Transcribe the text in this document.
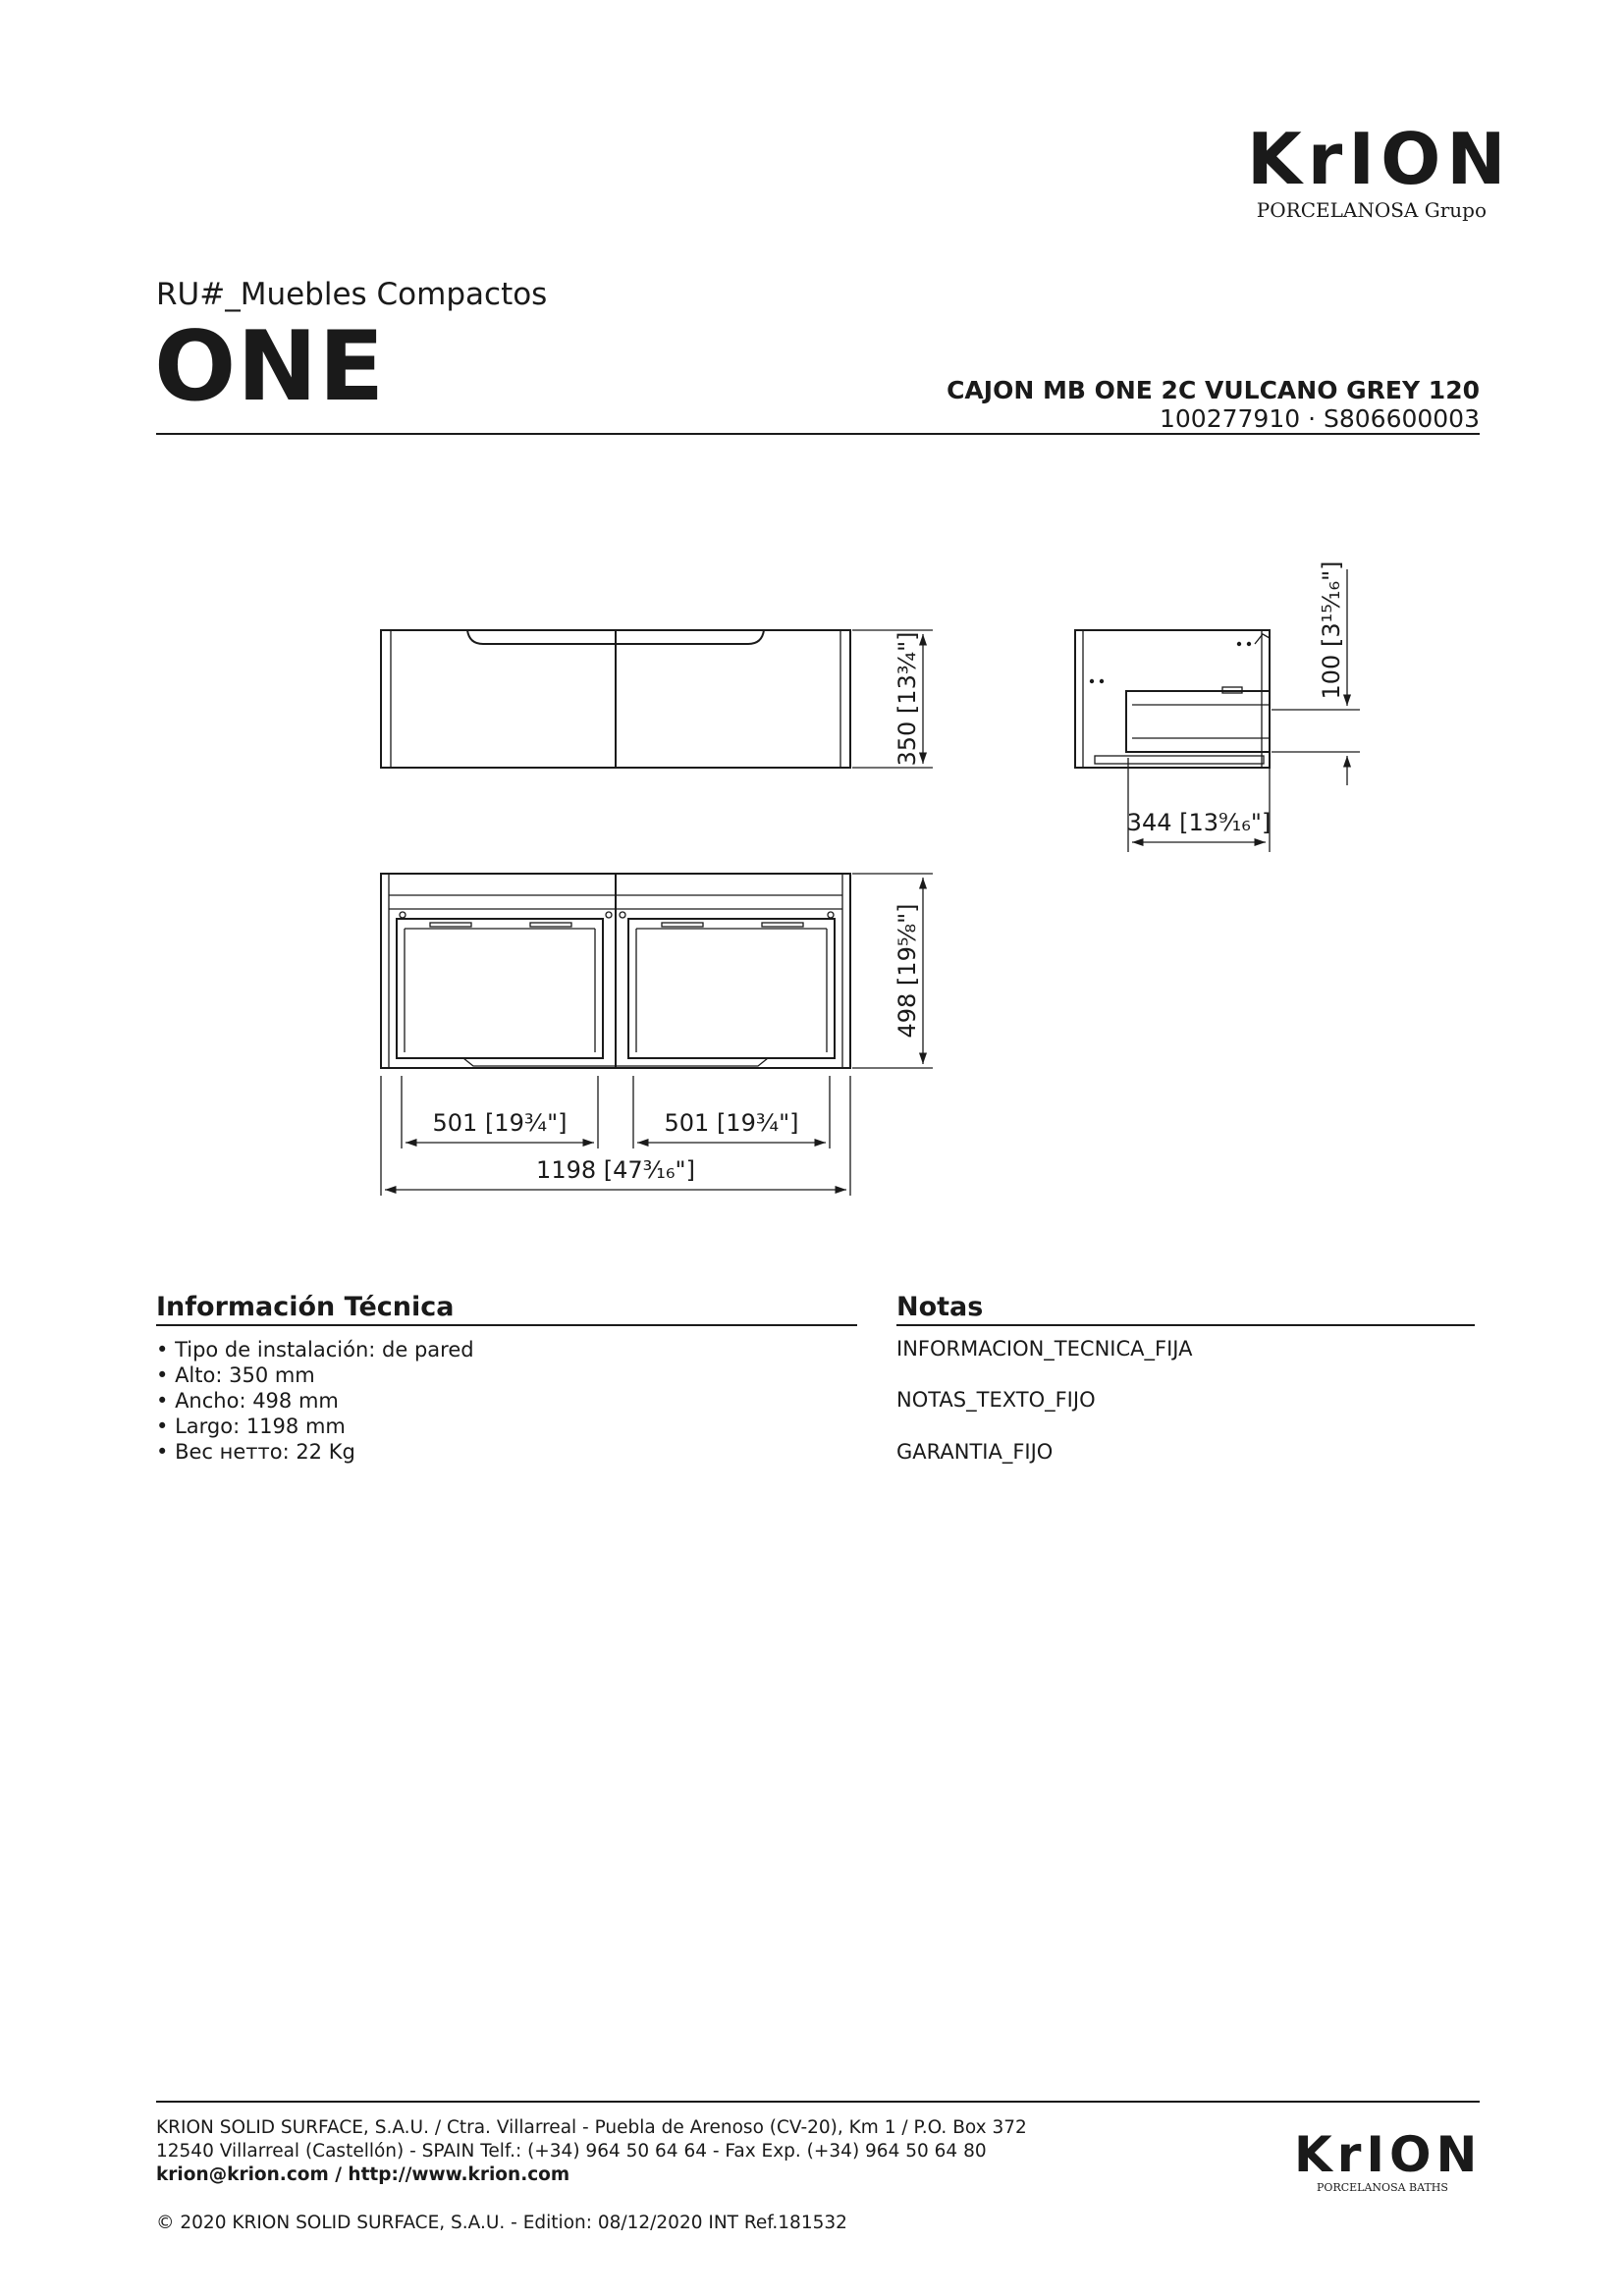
KrION
PORCELANOSA Grupo
RU#_Muebles Compactos
ONE	CAJON MB ONE 2C VULCANO GREY 120
100277910 · S806600003
350 [13¾"]	100 [3¹⁵⁄₁₆"]
344 [13⁹⁄₁₆"]
498 [19⅝"]
501 [19¾"]	501 [19¾"]
1198 [47³⁄₁₆"]
Información Técnica
• Tipo de instalación: de pared
• Alto: 350 mm
• Ancho: 498 mm
• Largo: 1198 mm
• Вес нетто: 22 Kg
Notas
INFORMACION_TECNICA_FIJA
NOTAS_TEXTO_FIJO
GARANTIA_FIJO
KRION SOLID SURFACE, S.A.U. / Ctra. Villarreal - Puebla de Arenoso (CV-20), Km 1 / P.O. Box 372
12540 Villarreal (Castellón) - SPAIN Telf.: (+34) 964 50 64 64 - Fax Exp. (+34) 964 50 64 80
krion@krion.com / http://www.krion.com
© 2020 KRION SOLID SURFACE, S.A.U. - Edition: 08/12/2020 INT Ref.181532
KrION
PORCELANOSA BATHS
